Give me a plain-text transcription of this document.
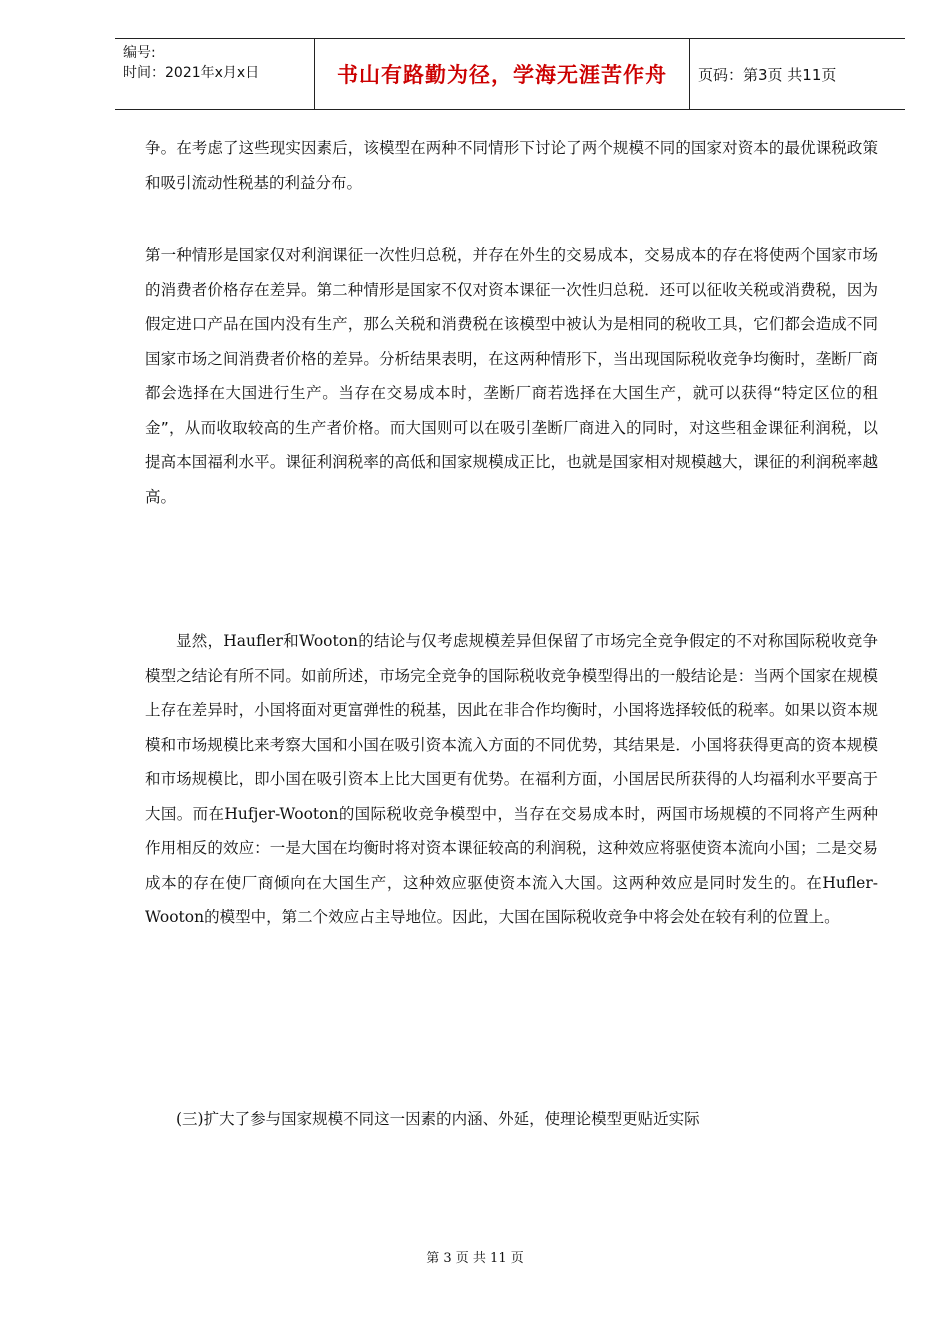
编号:
时间：2021年x月x日	书山有路勤为径，学海无涯苦作舟	页码：第3页 共11页

争。在考虑了这些现实因素后，该模型在两种不同情形下讨论了两个规模不同的国家对资本的最优课税政策和吸引流动性税基的利益分布。

第一种情形是国家仅对利润课征一次性归总税，并存在外生的交易成本，交易成本的存在将使两个国家市场的消费者价格存在差异。第二种情形是国家不仅对资本课征一次性归总税．还可以征收关税或消费税，因为假定进口产品在国内没有生产，那么关税和消费税在该模型中被认为是相同的税收工具，它们都会造成不同国家市场之间消费者价格的差异。分析结果表明，在这两种情形下，当出现国际税收竞争均衡时，垄断厂商都会选择在大国进行生产。当存在交易成本时，垄断厂商若选择在大国生产，就可以获得“特定区位的租金”，从而收取较高的生产者价格。而大国则可以在吸引垄断厂商进入的同时，对这些租金课征利润税，以提高本国福利水平。课征利润税率的高低和国家规模成正比，也就是国家相对规模越大，课征的利润税率越高。

显然，Haufler和Wooton的结论与仅考虑规模差异但保留了市场完全竞争假定的不对称国际税收竞争模型之结论有所不同。如前所述，市场完全竞争的国际税收竞争模型得出的一般结论是：当两个国家在规模上存在差异时，小国将面对更富弹性的税基，因此在非合作均衡时，小国将选择较低的税率。如果以资本规模和市场规模比来考察大国和小国在吸引资本流入方面的不同优势，其结果是．小国将获得更高的资本规模和市场规模比，即小国在吸引资本上比大国更有优势。在福利方面，小国居民所获得的人均福利水平要高于大国。而在Hufjer-Wooton的国际税收竞争模型中，当存在交易成本时，两国市场规模的不同将产生两种作用相反的效应：一是大国在均衡时将对资本课征较高的利润税，这种效应将驱使资本流向小国；二是交易成本的存在使厂商倾向在大国生产，这种效应驱使资本流入大国。这两种效应是同时发生的。在Hufler-Wooton的模型中，第二个效应占主导地位。因此，大国在国际税收竞争中将会处在较有利的位置上。

(三)扩大了参与国家规模不同这一因素的内涵、外延，使理论模型更贴近实际

第 3 页 共 11 页
